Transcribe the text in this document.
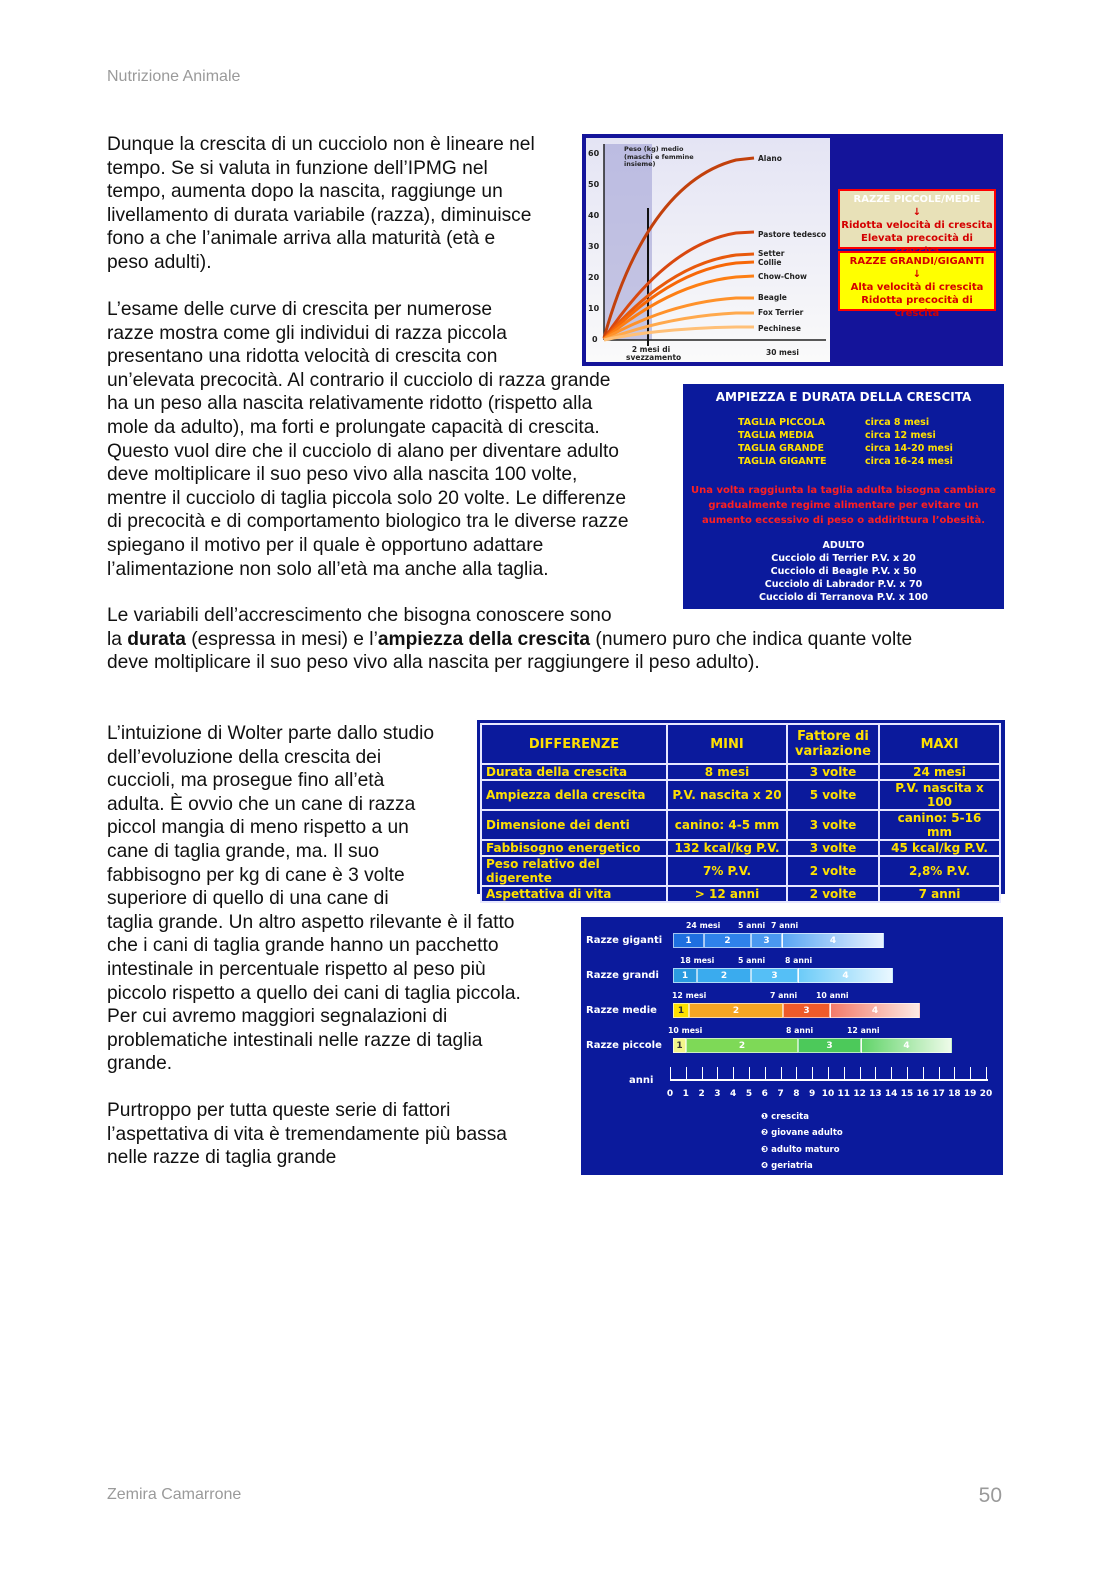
Nutrizione Animale

Dunque la crescita di un cucciolo non è lineare nel
tempo. Se si valuta in funzione dell’IPMG nel
tempo, aumenta dopo la nascita, raggiunge un
livellamento di durata variabile (razza), diminuisce
fono a che l’animale arriva alla maturità (età e
peso adulti).

L’esame delle curve di crescita per numerose
razze mostra come gli individui di razza piccola
presentano una ridotta velocità di crescita con
un’elevata precocità. Al contrario il cucciolo di razza grande
ha un peso alla nascita relativamente ridotto (rispetto alla
mole da adulto), ma forti e prolungate capacità di crescita.
Questo vuol dire che il cucciolo di alano per diventare adulto
deve moltiplicare il suo peso vivo alla nascita 100 volte,
mentre il cucciolo di taglia piccola solo 20 volte. Le differenze
di precocità e di comportamento biologico tra le diverse razze
spiegano il motivo per il quale è opportuno adattare
l’alimentazione non solo all’età ma anche alla taglia.

Le variabili dell’accrescimento che bisogna conoscere sono
la durata (espressa in mesi) e l’ampiezza della crescita (numero puro che indica quante volte
deve moltiplicare il suo peso vivo alla nascita per raggiungere il peso adulto).

L’intuizione di Wolter parte dallo studio
dell’evoluzione della crescita dei
cuccioli, ma prosegue fino all’età
adulta. È ovvio che un cane di razza
piccol mangia di meno rispetto a un
cane di taglia grande, ma. Il suo
fabbisogno per kg di cane è 3 volte
superiore di quello di una cane di
taglia grande. Un altro aspetto rilevante è il fatto
che i cani di taglia grande hanno un pacchetto
intestinale in percentuale rispetto al peso più
piccolo rispetto a quello dei cani di taglia piccola.
Per cui avremo maggiori segnalazioni di
problematiche intestinali nelle razze di taglia
grande.

Purtroppo per tutta queste serie di fattori
l’aspettativa di vita è tremendamente più bassa
nelle razze di taglia grande

60
50
40
30
20
10
0
Peso (kg) medio (maschi e femmine insieme)
2 mesi di svezzamento
30 mesi
Alano
Pastore tedesco
Setter
Collie
Chow-Chow
Beagle
Fox Terrier
Pechinese
RAZZE PICCOLE/MEDIE
↓
Ridotta velocità di crescita
Elevata precocità di
RAZZE GRANDI/GIGANTI
↓
Alta velocità di crescita
Ridotta precocità di crescita
AMPIEZZA E DURATA DELLA CRESCITA
TAGLIA PICCOLA	circa 8 mesi
TAGLIA MEDIA	circa 12 mesi
TAGLIA GRANDE	circa 14-20 mesi
TAGLIA GIGANTE	circa 16-24 mesi
Una volta raggiunta la taglia adulta bisogna cambiare
gradualmente regime alimentare per evitare un
aumento eccessivo di peso o addirittura l’obesità.
ADULTO
Cucciolo di Terrier P.V. x 20
Cucciolo di Beagle P.V. x 50
Cucciolo di Labrador P.V. x 70
Cucciolo di Terranova P.V. x 100
DIFFERENZE	MINI	Fattore di variazione	MAXI
Durata della crescita	8 mesi	3 volte	24 mesi
Ampiezza della crescita	P.V. nascita x 20	5 volte	P.V. nascita x 100
Dimensione dei denti	canino: 4-5 mm	3 volte	canino: 5-16 mm
Fabbisogno energetico	132 kcal/kg P.V.	3 volte	45 kcal/kg P.V.
Peso relativo del digerente	7% P.V.	2 volte	2,8% P.V.
Aspettativa di vita	> 12 anni	2 volte	7 anni
Razze giganti
24 mesi 5 anni 7 anni
1	2	3	4
Razze grandi
18 mesi	5 anni	8 anni
1	2	3	4
Razze medie
12 mesi	7 anni 10 anni
1	2	3	4
Razze piccole
10 mesi	8 anni	12 anni
1	2	3	4
anni
0	1	2	3	4	5	6	7	8	9 10 11 12 13 14 15 16 17 18 19 20
❶ crescita
❷ giovane adulto
❸ adulto maturo
❹ geriatria
Zemira Camarrone	50
